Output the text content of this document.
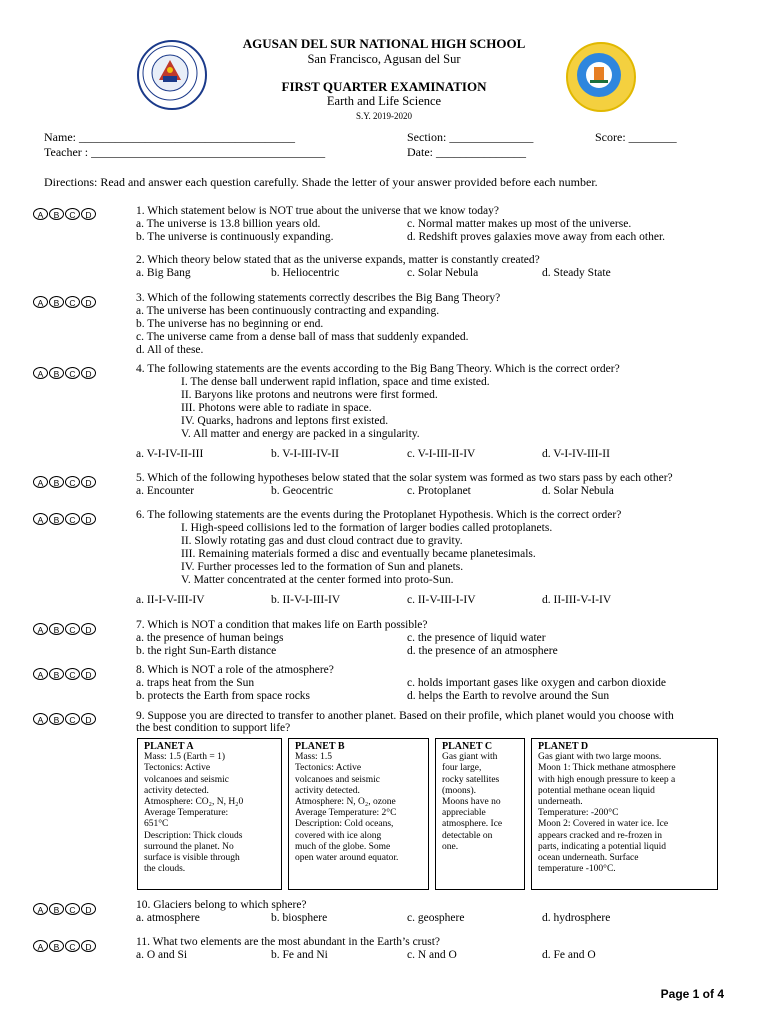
AGUSAN DEL SUR NATIONAL HIGH SCHOOL
San Francisco, Agusan del Sur
FIRST QUARTER EXAMINATION
Earth and Life Science
S.Y. 2019-2020
Name: ____________________________________	Section: ______________	Score: ________
Teacher : _______________________________________	Date: _______________
Directions: Read and answer each question carefully. Shade the letter of your answer provided before each number.
A	B	C	D	1. Which statement below is NOT true about the universe that we know today?
a. The universe is 13.8 billion years old.	c. Normal matter makes up most of the universe.
b. The universe is continuously expanding.	d. Redshift proves galaxies move away from each other.
2. Which theory below stated that as the universe expands, matter is constantly created?
a. Big Bang	b. Heliocentric	c. Solar Nebula	d. Steady State
A	B	C	D	3. Which of the following statements correctly describes the Big Bang Theory?
a. The universe has been continuously contracting and expanding.
b. The universe has no beginning or end.
c. The universe came from a dense ball of mass that suddenly expanded.
d. All of these.
A	B	C	D	4. The following statements are the events according to the Big Bang Theory. Which is the correct order?
I. The dense ball underwent rapid inflation, space and time existed.
II. Baryons like protons and neutrons were first formed.
III. Photons were able to radiate in space.
IV. Quarks, hadrons and leptons first existed.
V. All matter and energy are packed in a singularity.
a. V-I-IV-II-III	b. V-I-III-IV-II	c. V-I-III-II-IV	d. V-I-IV-III-II
A	B	C	D	5. Which of the following hypotheses below stated that the solar system was formed as two stars pass by each other?
a. Encounter	b. Geocentric	c. Protoplanet	d. Solar Nebula
A	B	C	D	6. The following statements are the events during the Protoplanet Hypothesis. Which is the correct order?
I. High-speed collisions led to the formation of larger bodies called protoplanets.
II. Slowly rotating gas and dust cloud contract due to gravity.
III. Remaining materials formed a disc and eventually became planetesimals.
IV. Further processes led to the formation of Sun and planets.
V. Matter concentrated at the center formed into proto-Sun.
a. II-I-V-III-IV	b. II-V-I-III-IV	c. II-V-III-I-IV	d. II-III-V-I-IV
A	B	C	D	7. Which is NOT a condition that makes life on Earth possible?
a. the presence of human beings	c. the presence of liquid water
b. the right Sun-Earth distance	d. the presence of an atmosphere
A	B	C	D	8. Which is NOT a role of the atmosphere?
a. traps heat from the Sun	c. holds important gases like oxygen and carbon dioxide
b. protects the Earth from space rocks	d. helps the Earth to revolve around the Sun
A	B	C	D	9. Suppose you are directed to transfer to another planet. Based on their profile, which planet would you choose with
the best condition to support life?
PLANET A
Mass: 1.5 (Earth = 1)
Tectonics: Active
volcanoes and seismic
activity detected.
Atmosphere: CO₂, N, H₂0
Average Temperature:
651°C
Description: Thick clouds
surround the planet. No
surface is visible through
the clouds.
PLANET B
Mass: 1.5
Tectonics: Active
volcanoes and seismic
activity detected.
Atmosphere: N, O₂, ozone
Average Temperature: 2°C
Description: Cold oceans,
covered with ice along
much of the globe. Some
open water around equator.
PLANET C
Gas giant with
four large,
rocky satellites
(moons).
Moons have no
appreciable
atmosphere. Ice
detectable on
one.
PLANET D
Gas giant with two large moons.
Moon 1: Thick methane atmosphere
with high enough pressure to keep a
potential methane ocean liquid
underneath.
Temperature: -200°C
Moon 2: Covered in water ice. Ice
appears cracked and re-frozen in
parts, indicating a potential liquid
ocean underneath. Surface
temperature -100°C.
A	B	C	D	10. Glaciers belong to which sphere?
a. atmosphere	b. biosphere	c. geosphere	d. hydrosphere
A	B	C	D	11. What two elements are the most abundant in the Earth’s crust?
a. O and Si	b. Fe and Ni	c. N and O	d. Fe and O
Page 1 of 4
